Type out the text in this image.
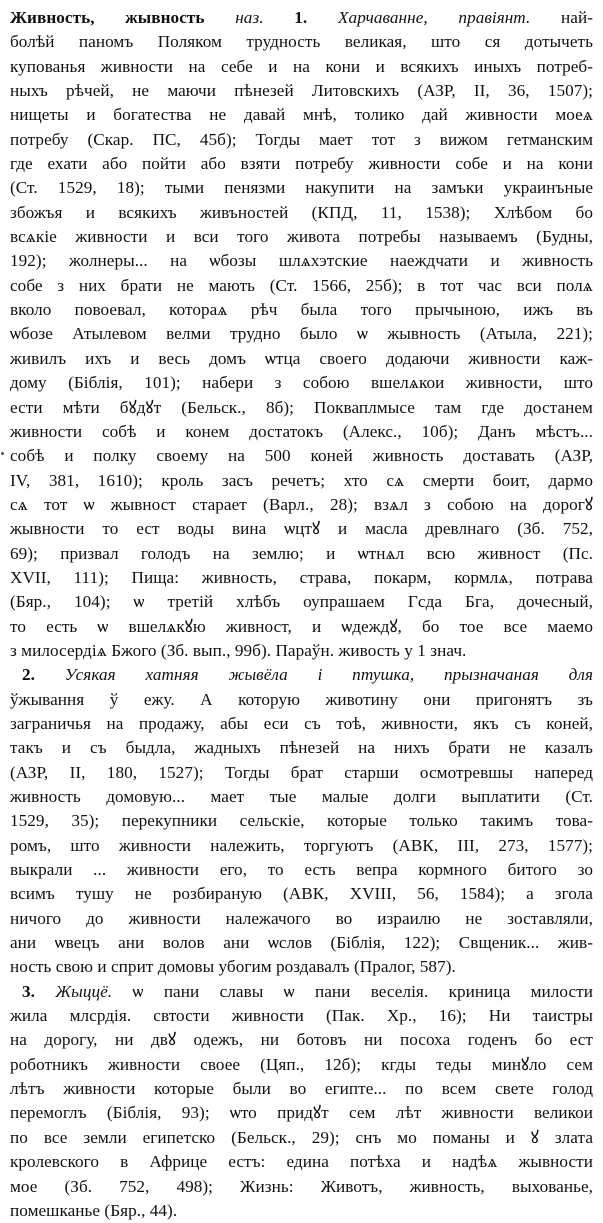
Живность, жывность наз. 1. Харчаванне, правіянт. най-
болѣй паномъ Поляком трудность великая, што ся дотычеть
купованья живности на себе и на кони и всякихъ иныхъ потреб-
ныхъ рѣчей, не маючи пѣнезей Литовскихъ (АЗР, II, 36, 1507);
нищеты и богатества не давай мнѣ, толико дай живности моеѧ
потребу (Скар. ПС, 45б); Тогды мает тот з вижом гетманским
где ехати або пойти або взяти потребу живности собе и на кони
(Ст. 1529, 18); тыми пенязми накупити на замъки украинъные
збожъя и всякихъ живъностей (КПД, 11, 1538); Хлѣбом бо
всѧкіе живности и вси того живота потребы называемъ (Будны,
192); жолнеры... на ѡбозы шлѧхэтские наеждчати и живность
собе з них брати не мають (Ст. 1566, 25б); в тот час вси полѧ
вколо повоевал, котораѧ рѣч была того прычыною, ижъ въ
ѡбозе Атылевом велми трудно было ѡ жывность (Атыла, 221);
живилъ ихъ и весь домъ ѡтца своего додаючи живности каж-
дому (Біблія, 101); набери з собою вшелѧкои живности, што
ести мѣти бꙋдꙋт (Бельск., 8б); Покваплмысе там где достанем
живности собѣ и конем достатокъ (Алекс., 10б); Данъ мѣстъ...
собѣ и полку своему на 500 коней живность доставать (АЗР,
IV, 381, 1610); кроль засъ речетъ; хто сѧ смерти боит, дармо
сѧ тот ѡ жывност старает (Варл., 28); взѧл з собою на дорогꙋ
жывности то ест воды вина ѡцтꙋ и масла древлнаго (Зб. 752,
69); призвал голодъ на землю; и ѡтнѧл всю живност (Пс.
XVII, 111); Пища: живность, страва, покарм, кормлѧ, потрава
(Бяр., 104); ѡ третій хлѣбъ оупрашаем Гсда Бга, дочесный,
то есть ѡ вшелѧкꙋю живност, и ѡдеждꙋ, бо тое все маемо
з милосердіѧ Бжого (Зб. вып., 99б). Параўн. живость у 1 знач.
2. Усякая хатняя жывёла і птушка, прызначаная для
ўжывання ў ежу. А которую животину они пригонятъ зъ
заграничья на продажу, абы еси съ тоѣ, живности, якъ съ коней,
такъ и съ быдла, жадныхъ пѣнезей на нихъ брати не казалъ
(АЗР, II, 180, 1527); Тогды брат старши осмотревшы наперед
живность домовую... мает тые малые долги выплатити (Ст.
1529, 35); перекупники сельскіе, которые только такимъ това-
ромъ, што живности належить, торгуютъ (АВК, III, 273, 1577);
выкрали ... живности его, то есть вепра кормного битого зо
всимъ тушу не розбираную (АВК, XVIII, 56, 1584); а згола
ничого до живности належачого во израилю не зоставляли,
ани ѡвецъ ани волов ани ѡслов (Біблія, 122); Свщеник... жив-
ность свою и сприт домовы убогим роздавалъ (Пралог, 587).
3. Жыццё. ѡ пани славы ѡ пани веселія. криница милости
жила млсрдія. свтости живности (Пак. Хр., 16); Ни таистры
на дорогу, ни двꙋ одежъ, ни ботовъ ни посоха годенъ бо ест
роботникъ живности своее (Цяп., 12б); кгды теды минꙋло сем
лѣтъ живности которые были во египте... по всем свете голод
перемоглъ (Біблія, 93); ѡто придꙋт сем лѣт живности великои
по все земли египетско (Бельск., 29); снъ мо поманы и ꙋ злата
кролевского в Африце естъ: едина потѣха и надѣѧ жывности
мое (Зб. 752, 498); Жизнь: Животъ, живность, выхованье,
помешканье (Бяр., 44).
